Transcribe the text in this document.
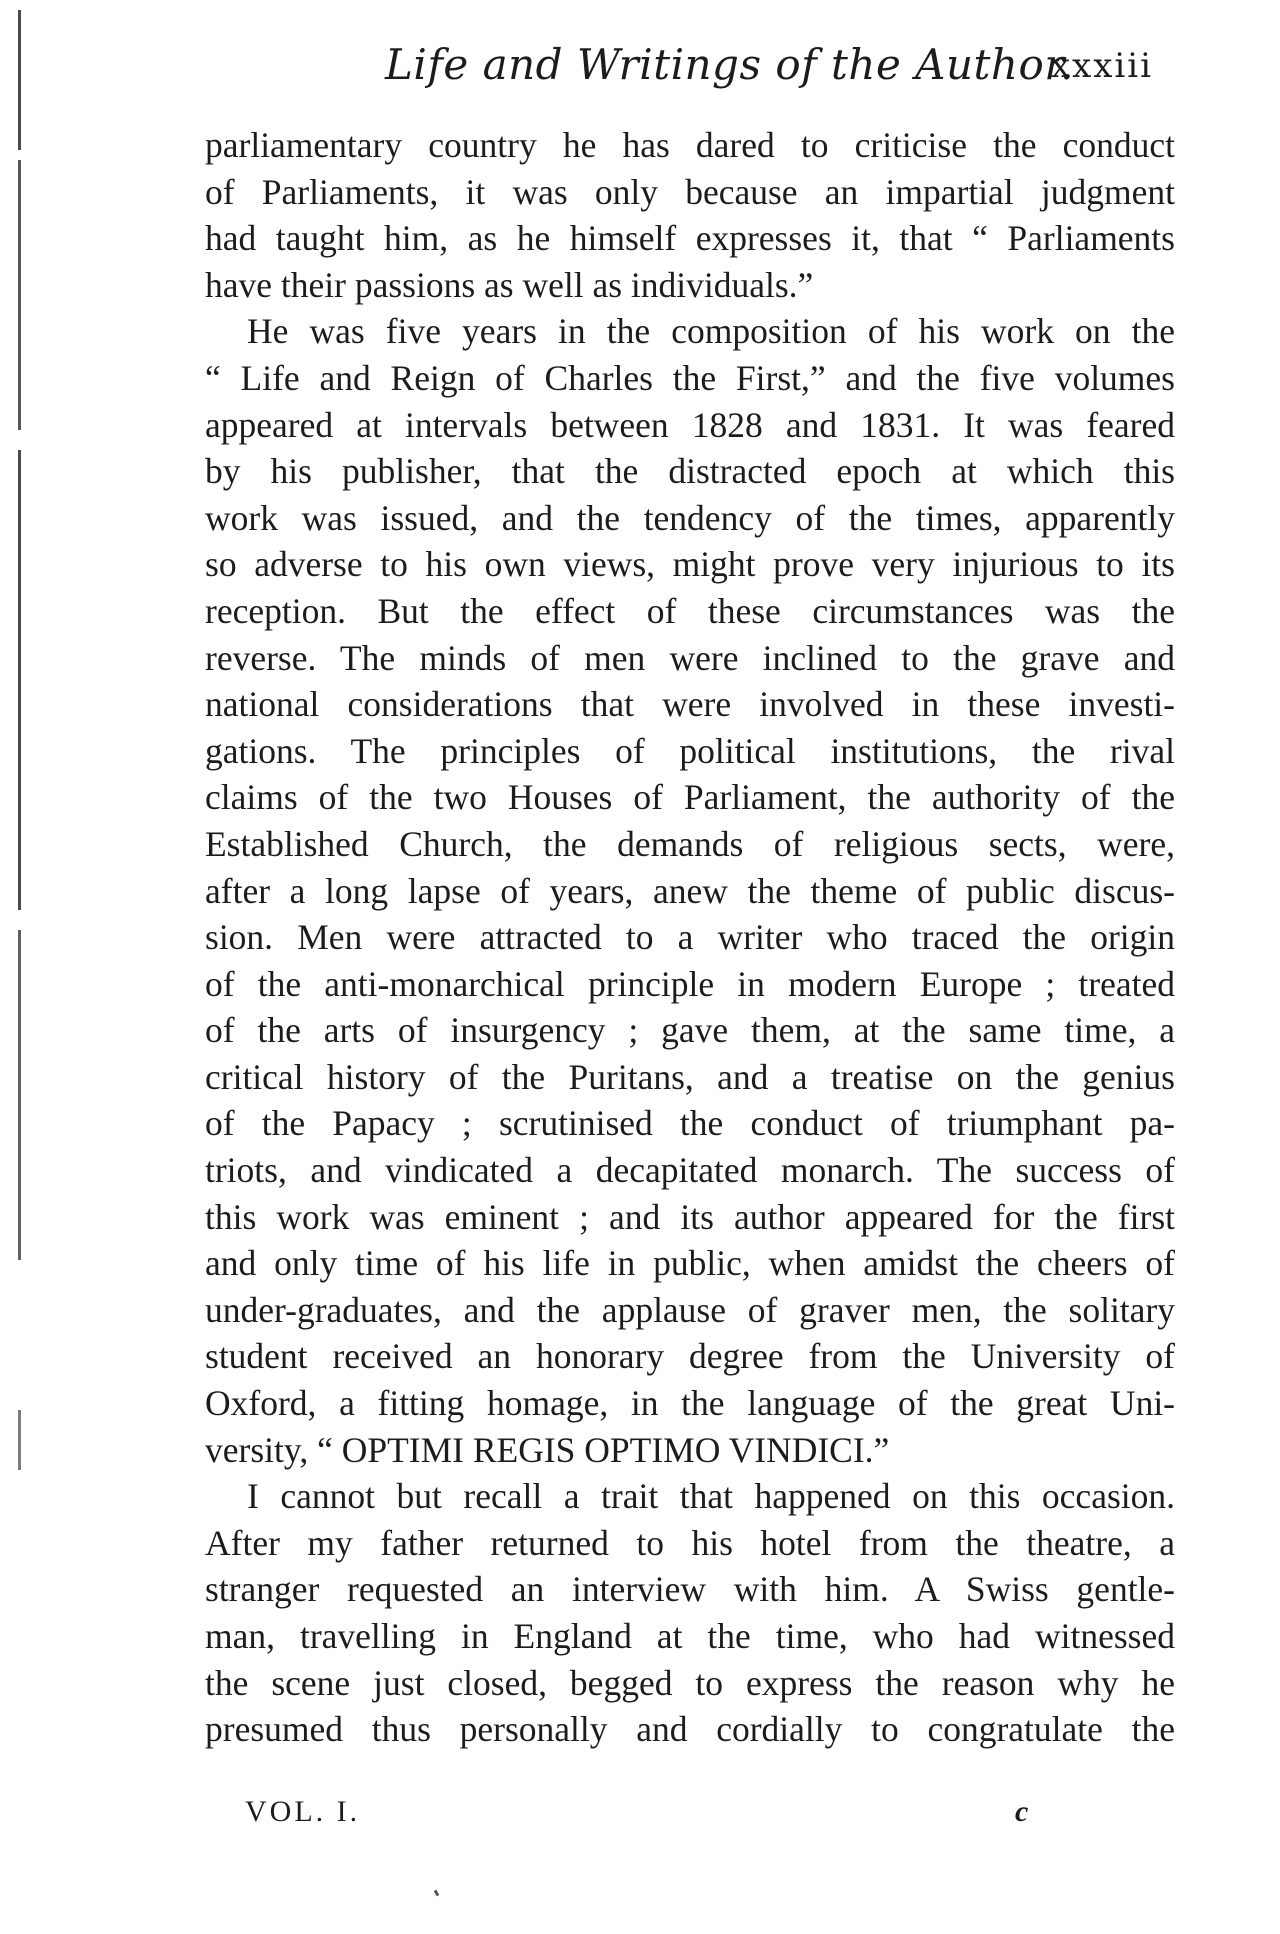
Life and Writings of the Author.
xxxiii
parliamentary country he has dared to criticise the conduct
of Parliaments, it was only because an impartial judgment
had taught him, as he himself expresses it, that “ Parliaments
have their passions as well as individuals.”
He was five years in the composition of his work on the
“ Life and Reign of Charles the First,” and the five volumes
appeared at intervals between 1828 and 1831. It was feared
by his publisher, that the distracted epoch at which this
work was issued, and the tendency of the times, apparently
so adverse to his own views, might prove very injurious to its
reception. But the effect of these circumstances was the
reverse. The minds of men were inclined to the grave and
national considerations that were involved in these investi-
gations. The principles of political institutions, the rival
claims of the two Houses of Parliament, the authority of the
Established Church, the demands of religious sects, were,
after a long lapse of years, anew the theme of public discus-
sion. Men were attracted to a writer who traced the origin
of the anti-monarchical principle in modern Europe ; treated
of the arts of insurgency ; gave them, at the same time, a
critical history of the Puritans, and a treatise on the genius
of the Papacy ; scrutinised the conduct of triumphant pa-
triots, and vindicated a decapitated monarch. The success of
this work was eminent ; and its author appeared for the first
and only time of his life in public, when amidst the cheers of
under-graduates, and the applause of graver men, the solitary
student received an honorary degree from the University of
Oxford, a fitting homage, in the language of the great Uni-
versity, “ OPTIMI REGIS OPTIMO VINDICI.”
I cannot but recall a trait that happened on this occasion.
After my father returned to his hotel from the theatre, a
stranger requested an interview with him. A Swiss gentle-
man, travelling in England at the time, who had witnessed
the scene just closed, begged to express the reason why he
presumed thus personally and cordially to congratulate the
VOL. I.	c
